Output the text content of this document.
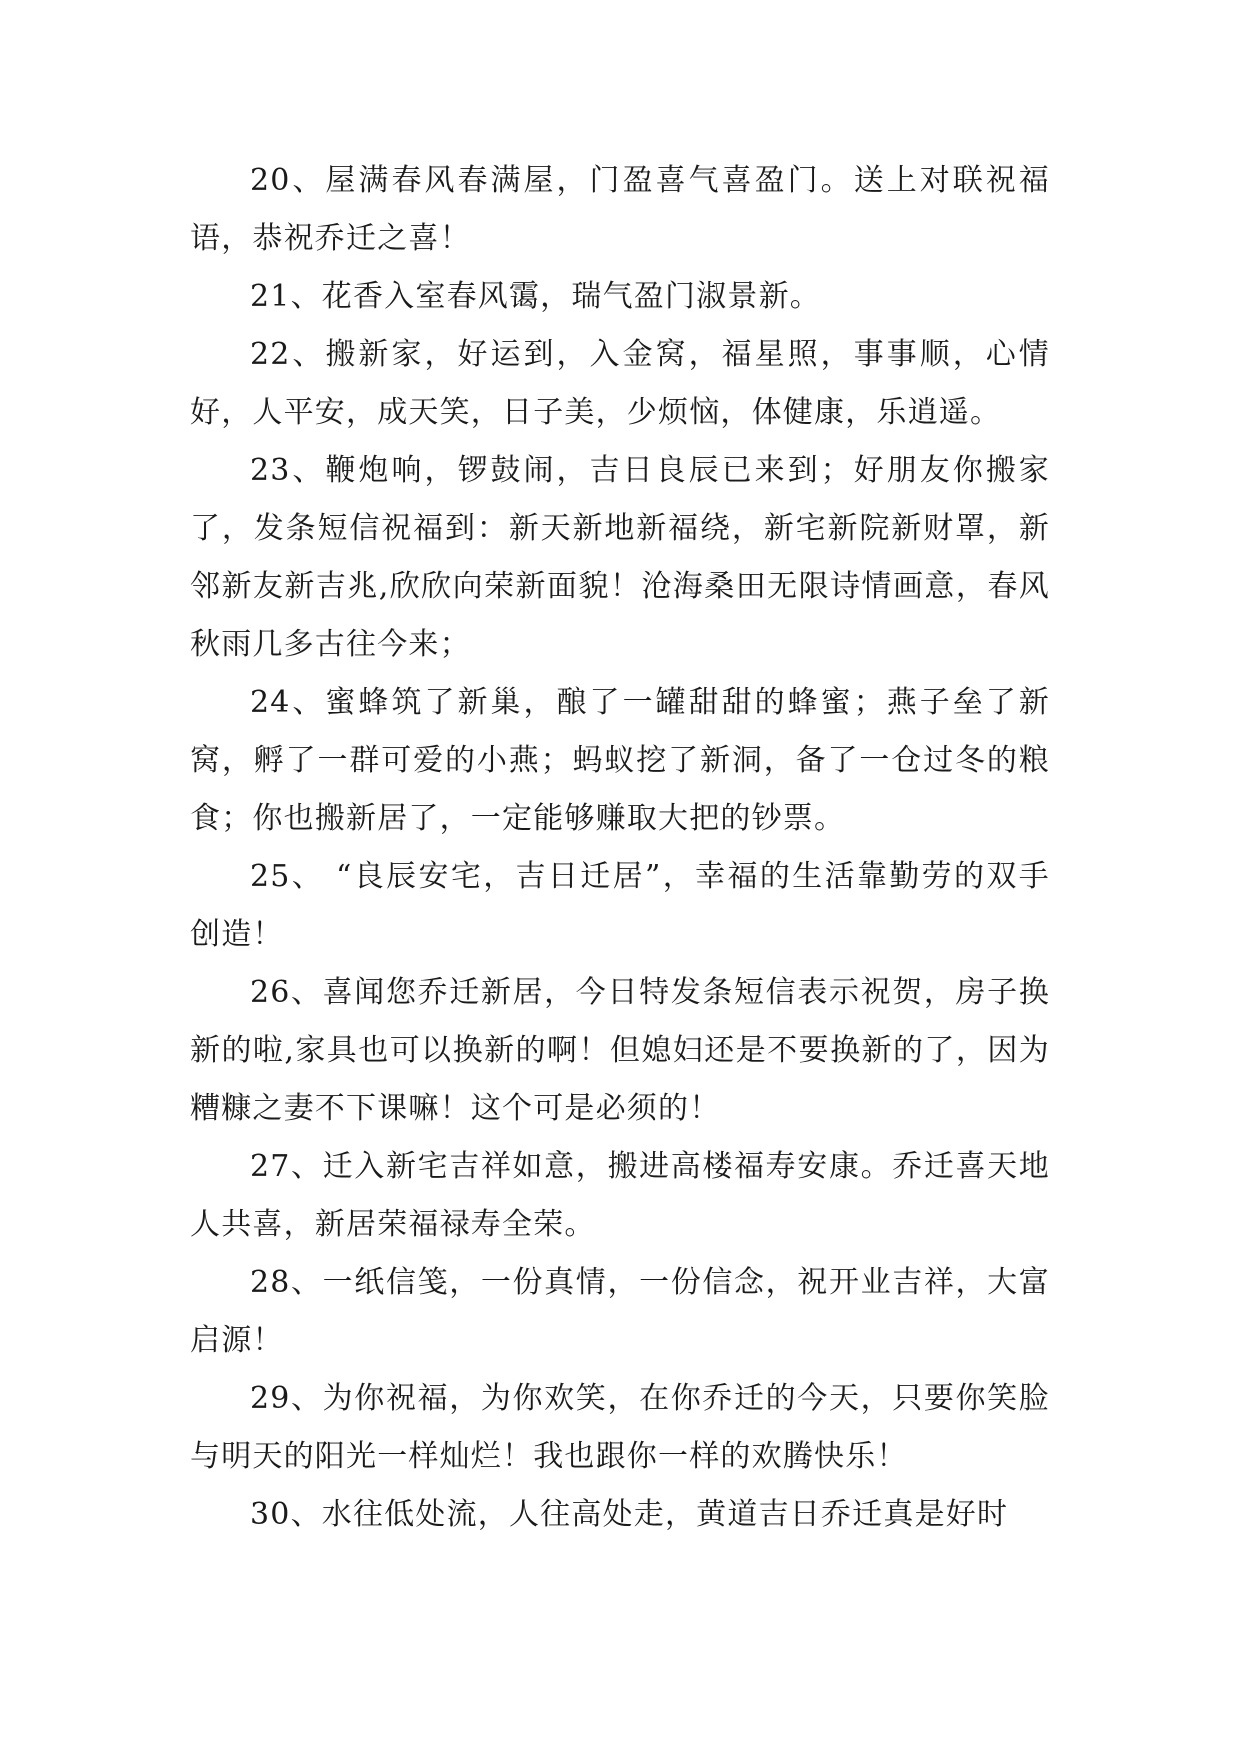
20、屋满春风春满屋，门盈喜气喜盈门。送上对联祝福语，恭祝乔迁之喜！

21、花香入室春风霭，瑞气盈门淑景新。

22、搬新家，好运到，入金窝，福星照，事事顺，心情好，人平安，成天笑，日子美，少烦恼，体健康，乐逍遥。

23、鞭炮响，锣鼓闹，吉日良辰已来到；好朋友你搬家了，发条短信祝福到：新天新地新福绕，新宅新院新财罩，新邻新友新吉兆,欣欣向荣新面貌！沧海桑田无限诗情画意，春风秋雨几多古往今来；

24、蜜蜂筑了新巢，酿了一罐甜甜的蜂蜜；燕子垒了新窝，孵了一群可爱的小燕；蚂蚁挖了新洞，备了一仓过冬的粮食；你也搬新居了，一定能够赚取大把的钞票。

25、 “良辰安宅，吉日迁居”，幸福的生活靠勤劳的双手创造！

26、喜闻您乔迁新居，今日特发条短信表示祝贺，房子换新的啦,家具也可以换新的啊！但媳妇还是不要换新的了，因为糟糠之妻不下课嘛！这个可是必须的！

27、迁入新宅吉祥如意，搬进高楼福寿安康。乔迁喜天地人共喜，新居荣福禄寿全荣。

28、一纸信笺，一份真情，一份信念，祝开业吉祥，大富启源！

29、为你祝福，为你欢笑，在你乔迁的今天，只要你笑脸与明天的阳光一样灿烂！我也跟你一样的欢腾快乐！

30、水往低处流，人往高处走，黄道吉日乔迁真是好时
